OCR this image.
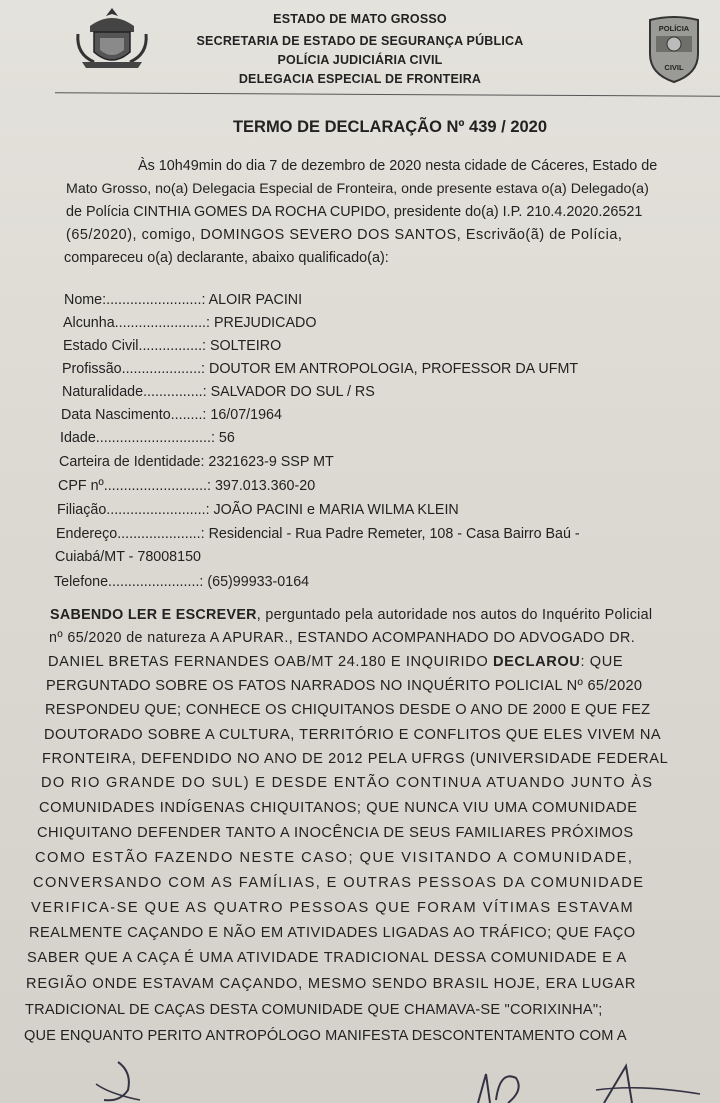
ESTADO DE MATO GROSSO
SECRETARIA DE ESTADO DE SEGURANÇA PÚBLICA
POLÍCIA JUDICIÁRIA CIVIL
DELEGACIA ESPECIAL DE FRONTEIRA
POLÍCIA
CIVIL
TERMO DE DECLARAÇÃO Nº 439 / 2020
Às 10h49min do dia 7 de dezembro de 2020 nesta cidade de Cáceres, Estado de
Mato Grosso, no(a) Delegacia Especial de Fronteira, onde presente estava o(a) Delegado(a)
de Polícia CINTHIA GOMES DA ROCHA CUPIDO, presidente do(a) I.P. 210.4.2020.26521
(65/2020), comigo, DOMINGOS SEVERO DOS SANTOS, Escrivão(ã) de Polícia,
compareceu o(a) declarante, abaixo qualificado(a):
Nome:........................: ALOIR PACINI
Alcunha.......................: PREJUDICADO
Estado Civil................: SOLTEIRO
Profissão....................: DOUTOR EM ANTROPOLOGIA, PROFESSOR DA UFMT
Naturalidade...............: SALVADOR DO SUL / RS
Data Nascimento........: 16/07/1964
Idade.............................: 56
Carteira de Identidade: 2321623-9 SSP MT
CPF nº..........................: 397.013.360-20
Filiação.........................: JOÃO PACINI e MARIA WILMA KLEIN
Endereço.....................: Residencial - Rua Padre Remeter, 108 - Casa Bairro Baú -
Cuiabá/MT - 78008150
Telefone.......................: (65)99933-0164
SABENDO LER E ESCREVER, perguntado pela autoridade nos autos do Inquérito Policial
nº 65/2020 de natureza A APURAR., ESTANDO ACOMPANHADO DO ADVOGADO DR.
DANIEL BRETAS FERNANDES OAB/MT 24.180 E INQUIRIDO DECLAROU: QUE
PERGUNTADO SOBRE OS FATOS NARRADOS NO INQUÉRITO POLICIAL Nº 65/2020
RESPONDEU QUE; CONHECE OS CHIQUITANOS DESDE O ANO DE 2000 E QUE FEZ
DOUTORADO SOBRE A CULTURA, TERRITÓRIO E CONFLITOS QUE ELES VIVEM NA
FRONTEIRA, DEFENDIDO NO ANO DE 2012 PELA UFRGS (UNIVERSIDADE FEDERAL
DO RIO GRANDE DO SUL) E DESDE ENTÃO CONTINUA ATUANDO JUNTO ÀS
COMUNIDADES INDÍGENAS CHIQUITANOS; QUE NUNCA VIU UMA COMUNIDADE
CHIQUITANO DEFENDER TANTO A INOCÊNCIA DE SEUS FAMILIARES PRÓXIMOS
COMO ESTÃO FAZENDO NESTE CASO; QUE VISITANDO A COMUNIDADE,
CONVERSANDO COM AS FAMÍLIAS, E OUTRAS PESSOAS DA COMUNIDADE
VERIFICA-SE QUE AS QUATRO PESSOAS QUE FORAM VÍTIMAS ESTAVAM
REALMENTE CAÇANDO E NÃO EM ATIVIDADES LIGADAS AO TRÁFICO; QUE FAÇO
SABER QUE A CAÇA É UMA ATIVIDADE TRADICIONAL DESSA COMUNIDADE E A
REGIÃO ONDE ESTAVAM CAÇANDO, MESMO SENDO BRASIL HOJE, ERA LUGAR
TRADICIONAL DE CAÇAS DESTA COMUNIDADE QUE CHAMAVA-SE "CORIXINHA";
QUE ENQUANTO PERITO ANTROPÓLOGO MANIFESTA DESCONTENTAMENTO COM A
